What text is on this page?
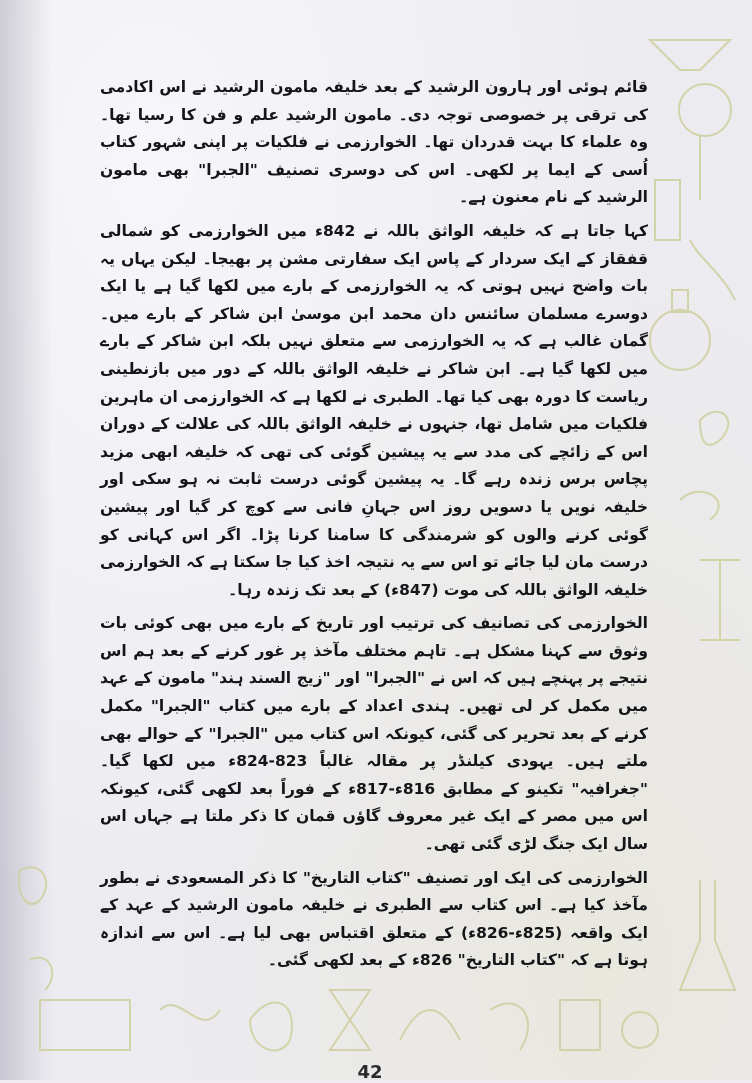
قائم ہوئی اور ہارون الرشید کے بعد خلیفہ مامون الرشید نے اس اکادمی کی ترقی پر خصوصی توجہ دی۔ مامون الرشید علم و فن کا رسیا تھا۔ وہ علماء کا بہت قدردان تھا۔ الخوارزمی نے فلکیات پر اپنی شہور کتاب اُسی کے ایما پر لکھی۔ اس کی دوسری تصنیف "الجبرا" بھی مامون الرشید کے نام معنون ہے۔

کہا جاتا ہے کہ خلیفہ الواثق باللہ نے 842ء میں الخوارزمی کو شمالی قفقاز کے ایک سردار کے پاس ایک سفارتی مشن پر بھیجا۔ لیکن یہاں یہ بات واضح نہیں ہوتی کہ یہ الخوارزمی کے بارے میں لکھا گیا ہے یا ایک دوسرے مسلمان سائنس دان محمد ابن موسیٰ ابن شاکر کے بارے میں۔ گمان غالب ہے کہ یہ الخوارزمی سے متعلق نہیں بلکہ ابن شاکر کے بارے میں لکھا گیا ہے۔ ابن شاکر نے خلیفہ الواثق باللہ کے دور میں بازنطینی ریاست کا دورہ بھی کیا تھا۔ الطبری نے لکھا ہے کہ الخوارزمی ان ماہرین فلکیات میں شامل تھا، جنہوں نے خلیفہ الواثق باللہ کی علالت کے دوران اس کے زائچے کی مدد سے یہ پیشین گوئی کی تھی کہ خلیفہ ابھی مزید پچاس برس زندہ رہے گا۔ یہ پیشین گوئی درست ثابت نہ ہو سکی اور خلیفہ نویں یا دسویں روز اس جہانِ فانی سے کوچ کر گیا اور پیشین گوئی کرنے والوں کو شرمندگی کا سامنا کرنا پڑا۔ اگر اس کہانی کو درست مان لیا جائے تو اس سے یہ نتیجہ اخذ کیا جا سکتا ہے کہ الخوارزمی خلیفہ الواثق باللہ کی موت (847ء) کے بعد تک زندہ رہا۔

الخوارزمی کی تصانیف کی ترتیب اور تاریخ کے بارے میں بھی کوئی بات وثوق سے کہنا مشکل ہے۔ تاہم مختلف مآخذ پر غور کرنے کے بعد ہم اس نتیجے پر پہنچے ہیں کہ اس نے "الجبرا" اور "زیج السند ہند" مامون کے عہد میں مکمل کر لی تھیں۔ ہندی اعداد کے بارے میں کتاب "الجبرا" مکمل کرنے کے بعد تحریر کی گئی، کیونکہ اس کتاب میں "الجبرا" کے حوالے بھی ملتے ہیں۔ یہودی کیلنڈر پر مقالہ غالباً 823-824ء میں لکھا گیا۔ "جغرافیہ" تکینو کے مطابق 816ء-817ء کے فوراً بعد لکھی گئی، کیونکہ اس میں مصر کے ایک غیر معروف گاؤں قمان کا ذکر ملتا ہے جہاں اس سال ایک جنگ لڑی گئی تھی۔

الخوارزمی کی ایک اور تصنیف "کتاب التاریخ" کا ذکر المسعودی نے بطور مآخذ کیا ہے۔ اس کتاب سے الطبری نے خلیفہ مامون الرشید کے عہد کے ایک واقعہ (825ء-826ء) کے متعلق اقتباس بھی لیا ہے۔ اس سے اندازہ ہوتا ہے کہ "کتاب التاریخ" 826ء کے بعد لکھی گئی۔

42
